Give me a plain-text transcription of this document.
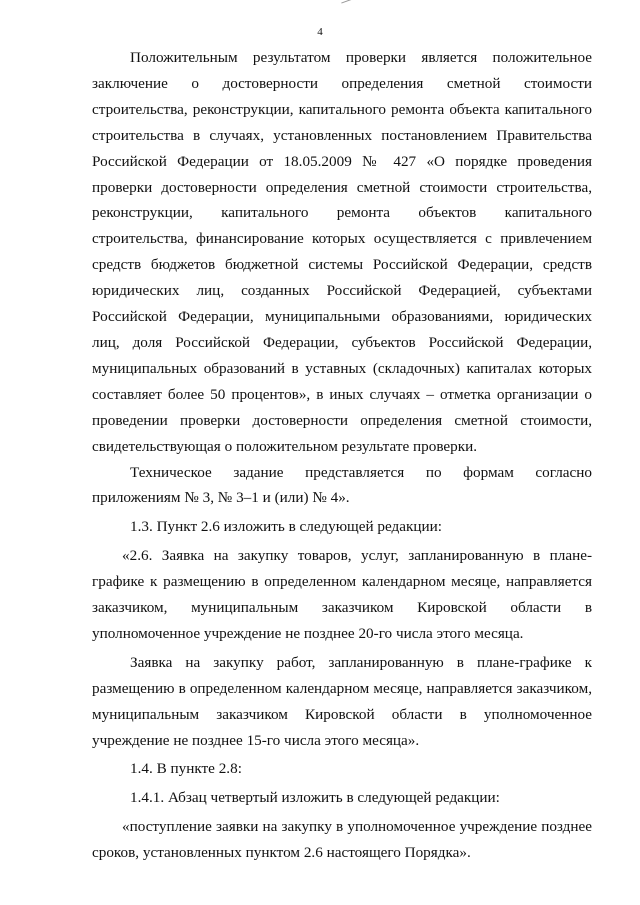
4

Положительным результатом проверки является положительное заключение о достоверности определения сметной стоимости строительства, реконструкции, капитального ремонта объекта капитального строительства в случаях, установленных постановлением Правительства Российской Федерации от 18.05.2009 № 427 «О порядке проведения проверки достоверности определения сметной стоимости строительства, реконструкции, капитального ремонта объектов капитального строительства, финансирование которых осуществляется с привлечением средств бюджетов бюджетной системы Российской Федерации, средств юридических лиц, созданных Российской Федерацией, субъектами Российской Федерации, муниципальными образованиями, юридических лиц, доля Российской Федерации, субъектов Российской Федерации, муниципальных образований в уставных (складочных) капиталах которых составляет более 50 процентов», в иных случаях – отметка организации о проведении проверки достоверности определения сметной стоимости, свидетельствующая о положительном результате проверки.

Техническое задание представляется по формам согласно приложениям № 3, № 3–1 и (или) № 4».

1.3. Пункт 2.6 изложить в следующей редакции:

«2.6. Заявка на закупку товаров, услуг, запланированную в плане-графике к размещению в определенном календарном месяце, направляется заказчиком, муниципальным заказчиком Кировской области в уполномоченное учреждение не позднее 20-го числа этого месяца.

Заявка на закупку работ, запланированную в плане-графике к размещению в определенном календарном месяце, направляется заказчиком, муниципальным заказчиком Кировской области в уполномоченное учреждение не позднее 15-го числа этого месяца».

1.4. В пункте 2.8:

1.4.1. Абзац четвертый изложить в следующей редакции:

«поступление заявки на закупку в уполномоченное учреждение позднее сроков, установленных пунктом 2.6 настоящего Порядка».
